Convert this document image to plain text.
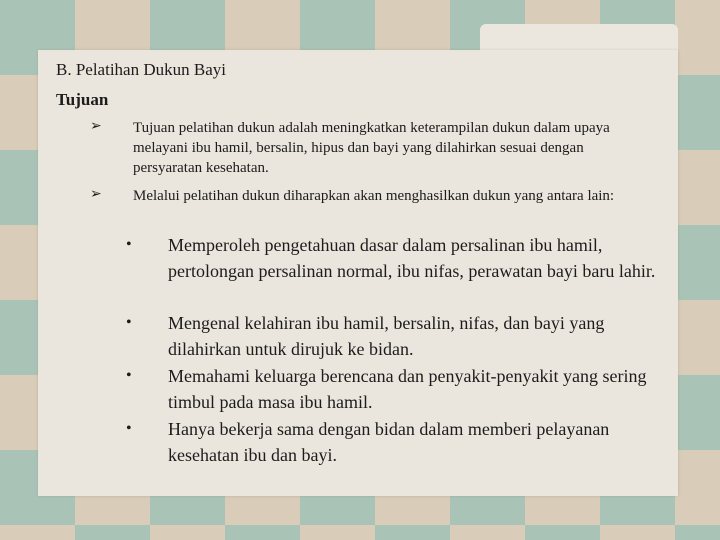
B. Pelatihan Dukun Bayi
Tujuan
➢ Tujuan pelatihan dukun adalah meningkatkan keterampilan dukun dalam upaya melayani ibu hamil, bersalin, hipus dan bayi yang dilahirkan sesuai dengan persyaratan kesehatan.
➢ Melalui pelatihan dukun diharapkan akan menghasilkan dukun yang antara lain:
• Memperoleh pengetahuan dasar dalam persalinan ibu hamil, pertolongan persalinan normal, ibu nifas, perawatan bayi baru lahir.
• Mengenal kelahiran ibu hamil, bersalin, nifas, dan bayi yang dilahirkan untuk dirujuk ke bidan.
• Memahami keluarga berencana dan penyakit-penyakit yang sering timbul pada masa ibu hamil.
• Hanya bekerja sama dengan bidan dalam memberi pelayanan kesehatan ibu dan bayi.
